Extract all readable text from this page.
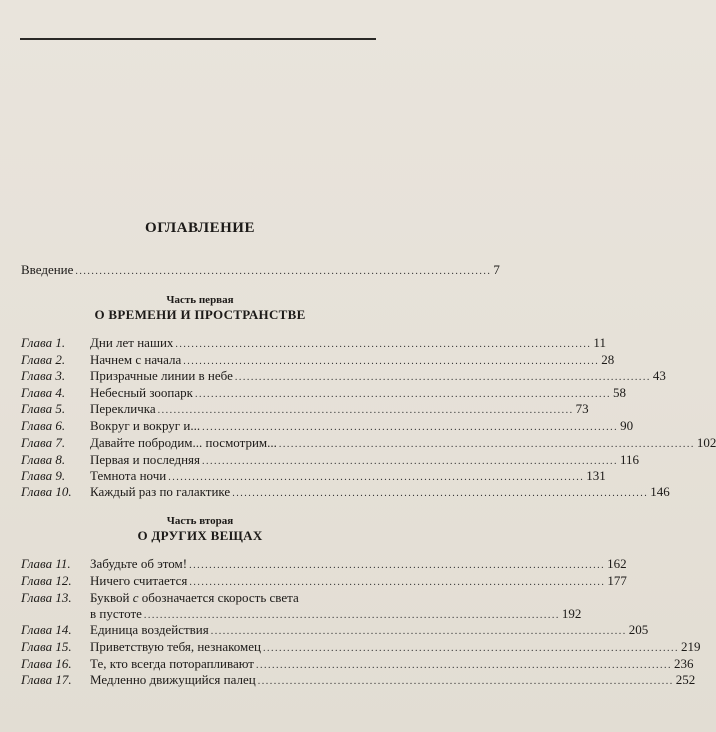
ОГЛАВЛЕНИЕ
Введение ........................................................................................................ 7
Часть первая
О ВРЕМЕНИ И ПРОСТРАНСТВЕ
Глава 1.	Дни лет наших ........................................................................................................ 11
Глава 2.	Начнем с начала ........................................................................................................ 28
Глава 3.	Призрачные линии в небе ........................................................................................................ 43
Глава 4.	Небесный зоопарк ........................................................................................................ 58
Глава 5.	Перекличка ........................................................................................................ 73
Глава 6.	Вокруг и вокруг и... ........................................................................................................ 90
Глава 7.	Давайте побродим... посмотрим... ........................................................................................................ 102
Глава 8.	Первая и последняя ........................................................................................................ 116
Глава 9.	Темнота ночи ........................................................................................................ 131
Глава 10.	Каждый раз по галактике ........................................................................................................ 146
Часть вторая
О ДРУГИХ ВЕЩАХ
Глава 11.	Забудьте об этом! ........................................................................................................ 162
Глава 12.	Ничего считается ........................................................................................................ 177
Глава 13.	Буквой с обозначается скорость света
в пустоте ........................................................................................................ 192
Глава 14.	Единица воздействия ........................................................................................................ 205
Глава 15.	Приветствую тебя, незнакомец ........................................................................................................ 219
Глава 16.	Те, кто всегда поторапливают ........................................................................................................ 236
Глава 17.	Медленно движущийся палец ........................................................................................................ 252
